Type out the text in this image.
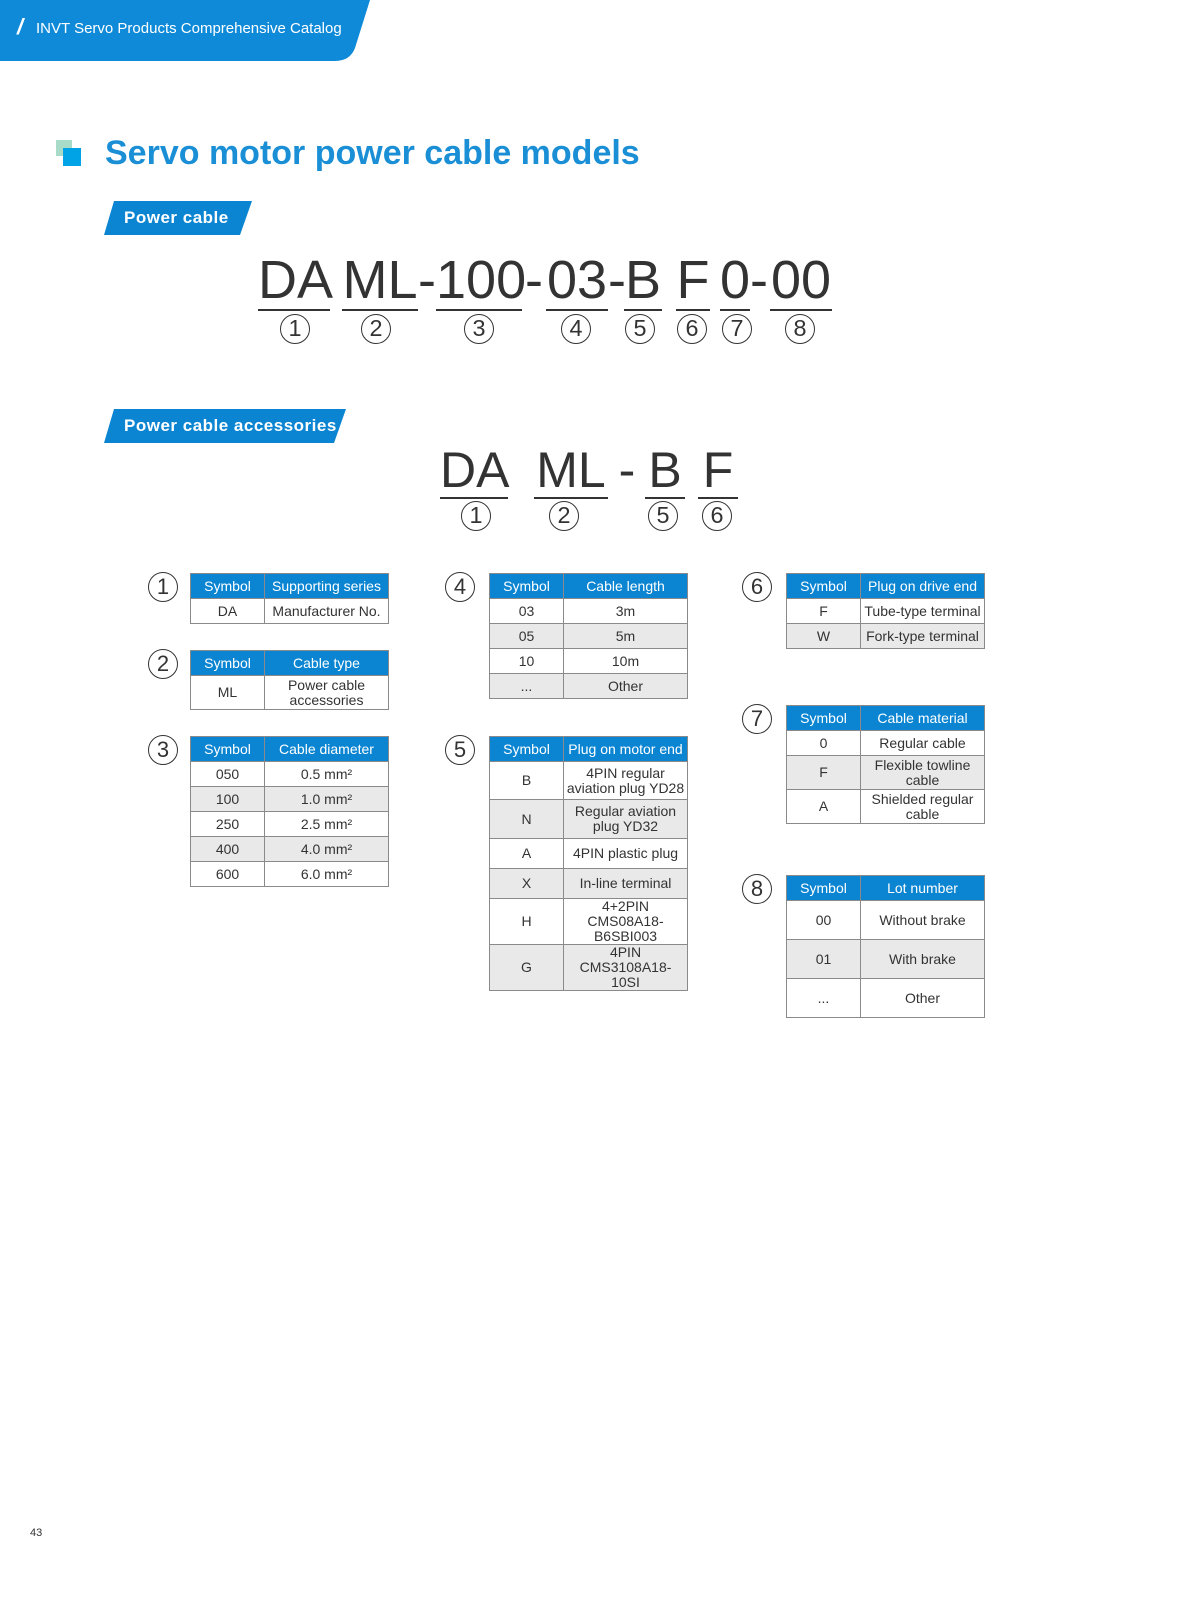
/ INVT Servo Products Comprehensive Catalog
Servo motor power cable models
Power cable
DA ML - 100
- 03 - B F 0 - 00
1	2	3	4	5	6	7	8
Power cable accessories
DA ML - B F
1	2	5	6
1	Symbol	Supporting series
DA	Manufacturer No.
2	Symbol	Cable type
ML	Power cable accessories
3	Symbol	Cable diameter
050	0.5 mm²
100	1.0 mm²
250	2.5 mm²
400	4.0 mm²
600	6.0 mm²
4	Symbol	Cable length
03	3m
05	5m
10	10m
...	Other
5	Symbol	Plug on motor end
B	4PIN regular aviation plug YD28
N	Regular aviation plug YD32
A	4PIN plastic plug
X	In-line terminal
H	4+2PIN CMS08A18-B6SBI003
G	4PIN CMS3108A18-10SI
6	Symbol	Plug on drive end
F	Tube-type terminal
W	Fork-type terminal
7	Symbol	Cable material
0	Regular cable
F	Flexible towline cable
A	Shielded regular cable
8	Symbol	Lot number
00	Without brake
01	With brake
...	Other
43
